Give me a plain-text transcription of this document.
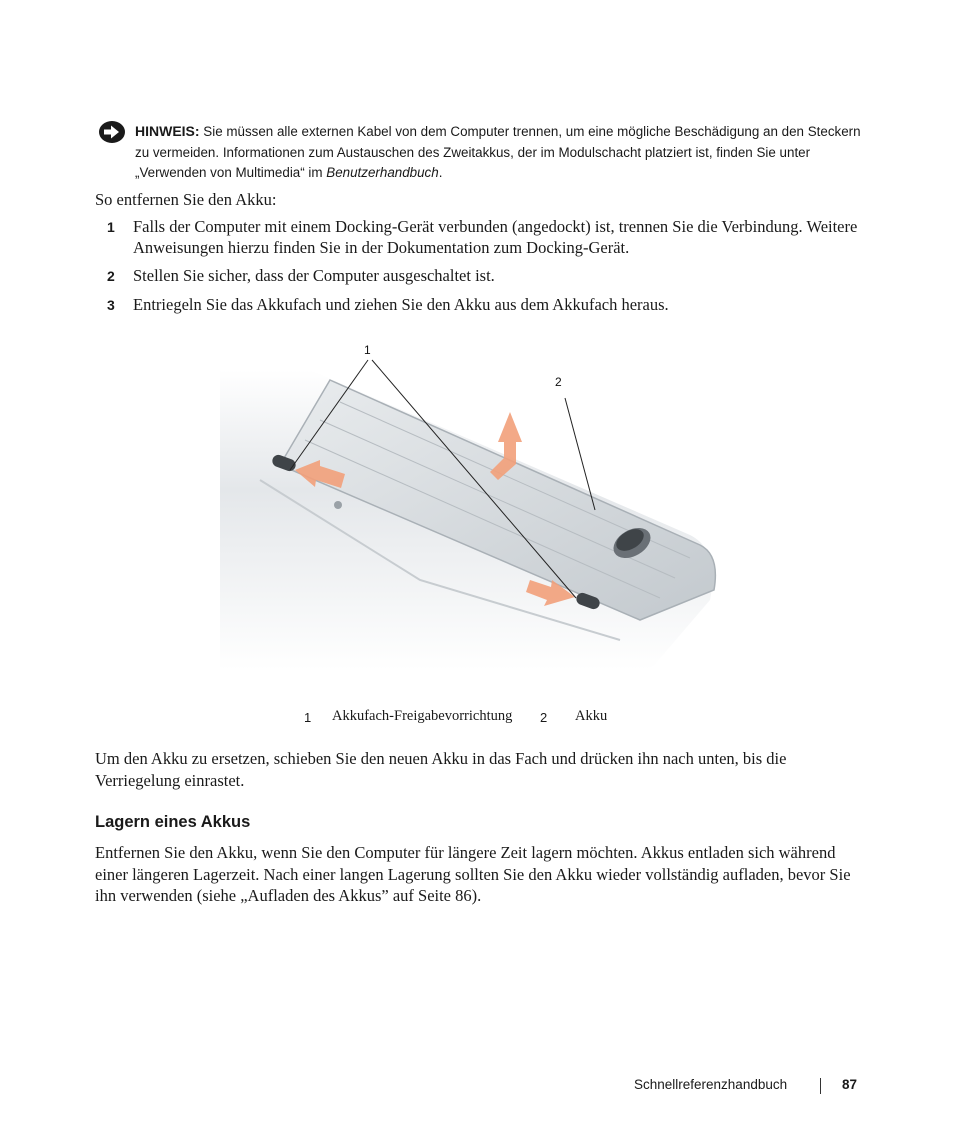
HINWEIS: Sie müssen alle externen Kabel von dem Computer trennen, um eine mögliche Beschädigung an den Steckern zu vermeiden. Informationen zum Austauschen des Zweitakkus, der im Modulschacht platziert ist, finden Sie unter „Verwenden von Multimedia“ im Benutzerhandbuch.
So entfernen Sie den Akku:
1 Falls der Computer mit einem Docking-Gerät verbunden (angedockt) ist, trennen Sie die Verbindung. Weitere Anweisungen hierzu finden Sie in der Dokumentation zum Docking-Gerät.
2 Stellen Sie sicher, dass der Computer ausgeschaltet ist.
3 Entriegeln Sie das Akkufach und ziehen Sie den Akku aus dem Akkufach heraus.
1
2
1 Akkufach-Freigabevorrichtung 2 Akku
Um den Akku zu ersetzen, schieben Sie den neuen Akku in das Fach und drücken ihn nach unten, bis die Verriegelung einrastet.
Lagern eines Akkus
Entfernen Sie den Akku, wenn Sie den Computer für längere Zeit lagern möchten. Akkus entladen sich während einer längeren Lagerzeit. Nach einer langen Lagerung sollten Sie den Akku wieder vollständig aufladen, bevor Sie ihn verwenden (siehe „Aufladen des Akkus” auf Seite 86).
Schnellreferenzhandbuch	87
